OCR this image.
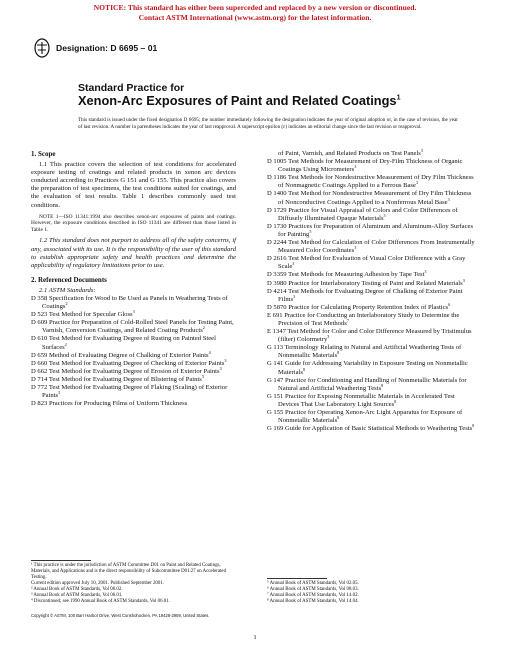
NOTICE: This standard has either been superceded and replaced by a new version or discontinued.
Contact ASTM International (www.astm.org) for the latest information.
Designation: D 6695 – 01
Standard Practice for
Xenon-Arc Exposures of Paint and Related Coatings$^1$
This standard is issued under the fixed designation D 6695; the number immediately following the designation indicates the year of original adoption or, in the case of revision, the year of last revision. A number in parentheses indicates the year of last reapproval. A superscript epsilon (ε) indicates an editorial change since the last revision or reapproval.
1. Scope

1.1 This practice covers the selection of test conditions for accelerated exposure testing of coatings and related products in xenon arc devices conducted according to Practices G 151 and G 155. This practice also covers the preparation of test specimens, the test conditions suited for coatings, and the evaluation of test results. Table 1 describes commonly used test conditions.

NOTE 1—ISO 11341:1994 also describes xenon-arc exposures of paints and coatings. However, the exposure conditions described in ISO 11341 are different than those listed in Table 1.

1.2 This standard does not purport to address all of the safety concerns, if any, associated with its use. It is the responsibility of the user of this standard to establish appropriate safety and health practices and determine the applicability of regulatory limitations prior to use.

2. Referenced Documents

2.1 ASTM Standards:

D 358 Specification for Wood to Be Used as Panels in Weathering Tests of Coatings$^2$

D 523 Test Method for Specular Gloss$^3$

D 609 Practice for Preparation of Cold-Rolled Steel Panels for Testing Paint, Varnish, Conversion Coatings, and Related Coating Products$^2$

D 610 Test Method for Evaluating Degree of Rusting on Painted Steel Surfaces$^2$

D 659 Method of Evaluating Degree of Chalking of Exterior Paints$^4$

D 660 Test Method for Evaluating Degree of Checking of Exterior Paints$^3$

D 662 Test Method for Evaluating Degree of Erosion of Exterior Paints$^3$

D 714 Test Method for Evaluating Degree of Blistering of Paints$^3$

D 772 Test Method for Evaluating Degree of Flaking (Scaling) of Exterior Paints$^3$

D 823 Practices for Producing Films of Uniform Thickness

of Paint, Varnish, and Related Products on Test Panels$^3$

D 1005 Test Methods for Measurement of Dry-Film Thickness of Organic Coatings Using Micrometers$^3$

D 1186 Test Methods for Nondestructive Measurement of Dry Film Thickness of Nonmagnetic Coatings Applied to a Ferrous Base$^3$

D 1400 Test Method for Nondestructive Measurement of Dry Film Thickness of Nonconductive Coatings Applied to a Nonferrous Metal Base$^3$

D 1729 Practice for Visual Appraisal of Colors and Color Differences of Diffusely Illuminated Opaque Materials$^3$

D 1730 Practices for Preparation of Aluminum and Aluminum-Alloy Surfaces for Painting$^5$

D 2244 Test Method for Calculation of Color Differences From Instrumentally Measured Color Coordinates$^3$

D 2616 Test Method for Evaluation of Visual Color Difference with a Gray Scale$^3$

D 3359 Test Methods for Measuring Adhesion by Tape Test$^3$

D 3980 Practice for Interlaboratory Testing of Paint and Related Materials$^3$

D 4214 Test Methods for Evaluating Degree of Chalking of Exterior Paint Films$^3$

D 5870 Practice for Calculating Property Retention Index of Plastics$^6$

E 691 Practice for Conducting an Interlaboratory Study to Determine the Precision of Test Methods$^7$

E 1347 Test Method for Color and Color Difference Measured by Tristimulus (filter) Colormetry$^3$

G 113 Terminology Relating to Natural and Artificial Weathering Tests of Nonmetallic Materials$^8$

G 141 Guide for Addressing Variability in Exposure Testing on Nonmetallic Materials$^8$

G 147 Practice for Conditioning and Handling of Nonmetallic Materials for Natural and Artificial Weathering Tests$^8$

G 151 Practice for Exposing Nonmetallic Materials in Accelerated Test Devices That Use Laboratory Light Sources$^8$

G 155 Practice for Operating Xenon-Arc Light Apparatus for Exposure of Nonmetallic Materials$^8$

G 169 Guide for Application of Basic Statistical Methods to Weathering Tests$^8$

¹ This practice is under the jurisdiction of ASTM Committee D01 on Paint and Related Coatings, Materials, and Applications and is the direct responsibility of Subcommittee D01.27 on Accelerated Testing.

Current edition approved July 10, 2001. Published September 2001.

² Annual Book of ASTM Standards, Vol 06.02.

³ Annual Book of ASTM Standards, Vol 06.01.

⁴ Discontinued; see 1990 Annual Book of ASTM Standards, Vol 06.01.

⁵ Annual Book of ASTM Standards, Vol 02.05.

⁶ Annual Book of ASTM Standards, Vol 08.03.

⁷ Annual Book of ASTM Standards, Vol 14.02.

⁸ Annual Book of ASTM Standards, Vol 14.04.

Copyright © ASTM, 100 Barr Harbor Drive, West Conshohocken, PA 19428-2959, United States.
1
